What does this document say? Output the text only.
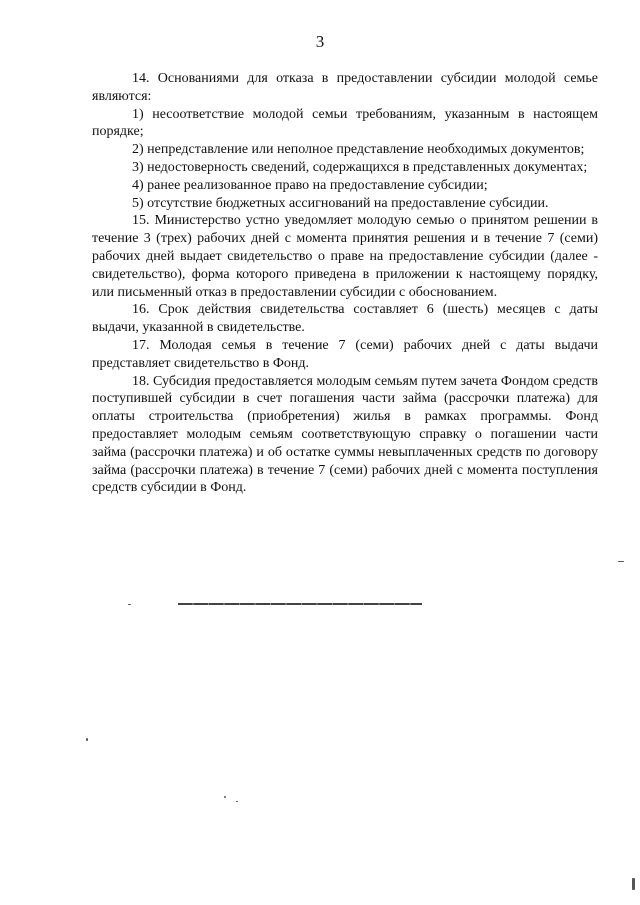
3

14. Основаниями для отказа в предоставлении субсидии молодой семье являются:

1) несоответствие молодой семьи требованиям, указанным в настоящем порядке;

2) непредставление или неполное представление необходимых документов;

3) недостоверность сведений, содержащихся в представленных документах;

4) ранее реализованное право на предоставление субсидии;

5) отсутствие бюджетных ассигнований на предоставление субсидии.

15. Министерство устно уведомляет молодую семью о принятом решении в течение 3 (трех) рабочих дней с момента принятия решения и в течение 7 (семи) рабочих дней выдает свидетельство о праве на предоставление субсидии (далее - свидетельство), форма которого приведена в приложении к настоящему порядку, или письменный отказ в предоставлении субсидии с обоснованием.

16. Срок действия свидетельства составляет 6 (шесть) месяцев с даты выдачи, указанной в свидетельстве.

17. Молодая семья в течение 7 (семи) рабочих дней с даты выдачи представляет свидетельство в Фонд.

18. Субсидия предоставляется молодым семьям путем зачета Фондом средств поступившей субсидии в счет погашения части займа (рассрочки платежа) для оплаты строительства (приобретения) жилья в рамках программы. Фонд предоставляет молодым семьям соответствующую справку о погашении части займа (рассрочки платежа) и об остатке суммы невыплаченных средств по договору займа (рассрочки платежа) в течение 7 (семи) рабочих дней с момента поступления средств субсидии в Фонд.
